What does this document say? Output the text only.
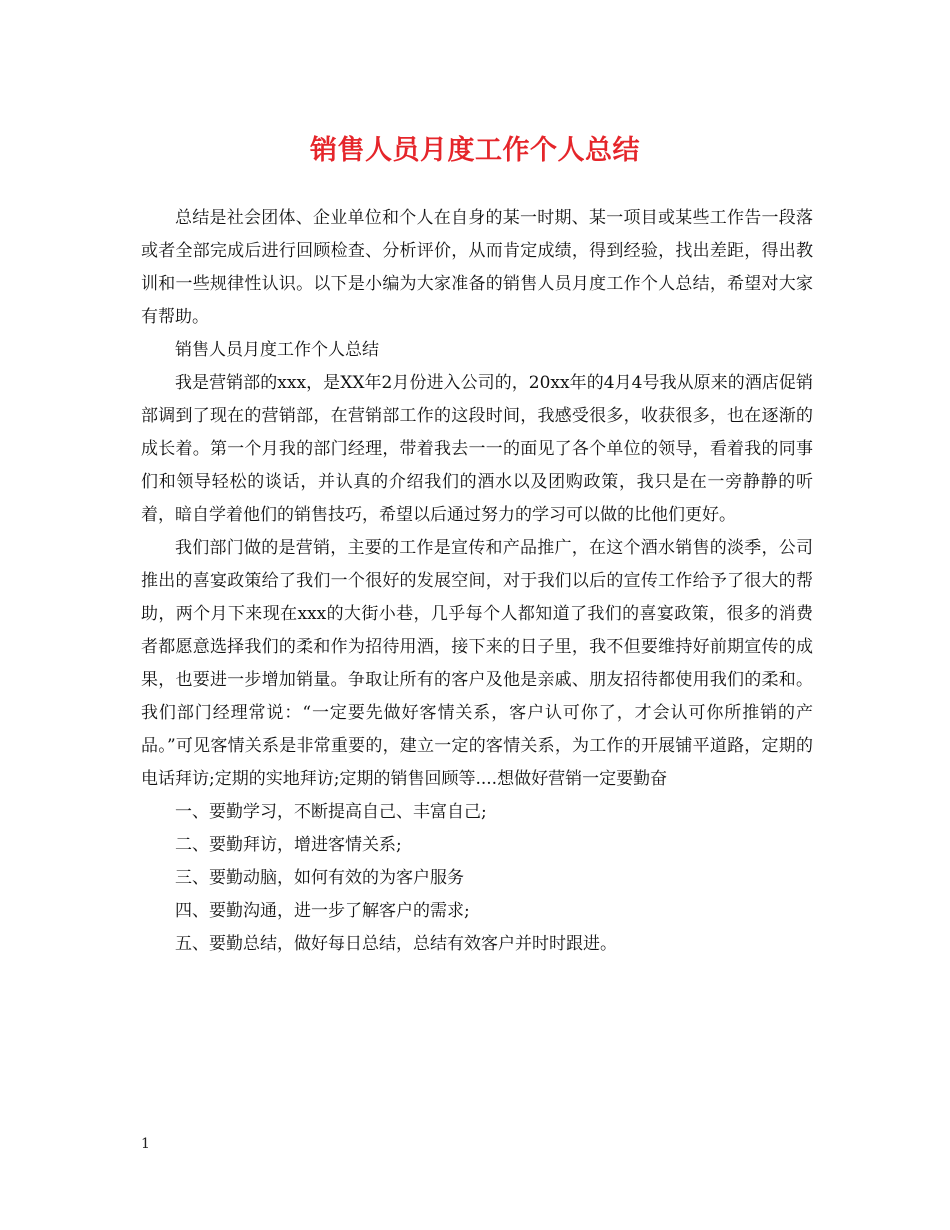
销售人员月度工作个人总结

总结是社会团体、企业单位和个人在自身的某一时期、某一项目或某些工作告一段落或者全部完成后进行回顾检查、分析评价，从而肯定成绩，得到经验，找出差距，得出教训和一些规律性认识。以下是小编为大家准备的销售人员月度工作个人总结，希望对大家有帮助。

销售人员月度工作个人总结

我是营销部的xxx，是XX年2月份进入公司的，20xx年的4月4号我从原来的酒店促销部调到了现在的营销部，在营销部工作的这段时间，我感受很多，收获很多，也在逐渐的成长着。第一个月我的部门经理，带着我去一一的面见了各个单位的领导，看着我的同事们和领导轻松的谈话，并认真的介绍我们的酒水以及团购政策，我只是在一旁静静的听着，暗自学着他们的销售技巧，希望以后通过努力的学习可以做的比他们更好。

我们部门做的是营销，主要的工作是宣传和产品推广，在这个酒水销售的淡季，公司推出的喜宴政策给了我们一个很好的发展空间，对于我们以后的宣传工作给予了很大的帮助，两个月下来现在xxx的大街小巷，几乎每个人都知道了我们的喜宴政策，很多的消费者都愿意选择我们的柔和作为招待用酒，接下来的日子里，我不但要维持好前期宣传的成果，也要进一步增加销量。争取让所有的客户及他是亲戚、朋友招待都使用我们的柔和。我们部门经理常说：“一定要先做好客情关系，客户认可你了，才会认可你所推销的产品。”可见客情关系是非常重要的，建立一定的客情关系，为工作的开展铺平道路，定期的电话拜访;定期的实地拜访;定期的销售回顾等....想做好营销一定要勤奋

一、要勤学习，不断提高自己、丰富自己;

二、要勤拜访，增进客情关系;

三、要勤动脑，如何有效的为客户服务

四、要勤沟通，进一步了解客户的需求;

五、要勤总结，做好每日总结，总结有效客户并时时跟进。

1
